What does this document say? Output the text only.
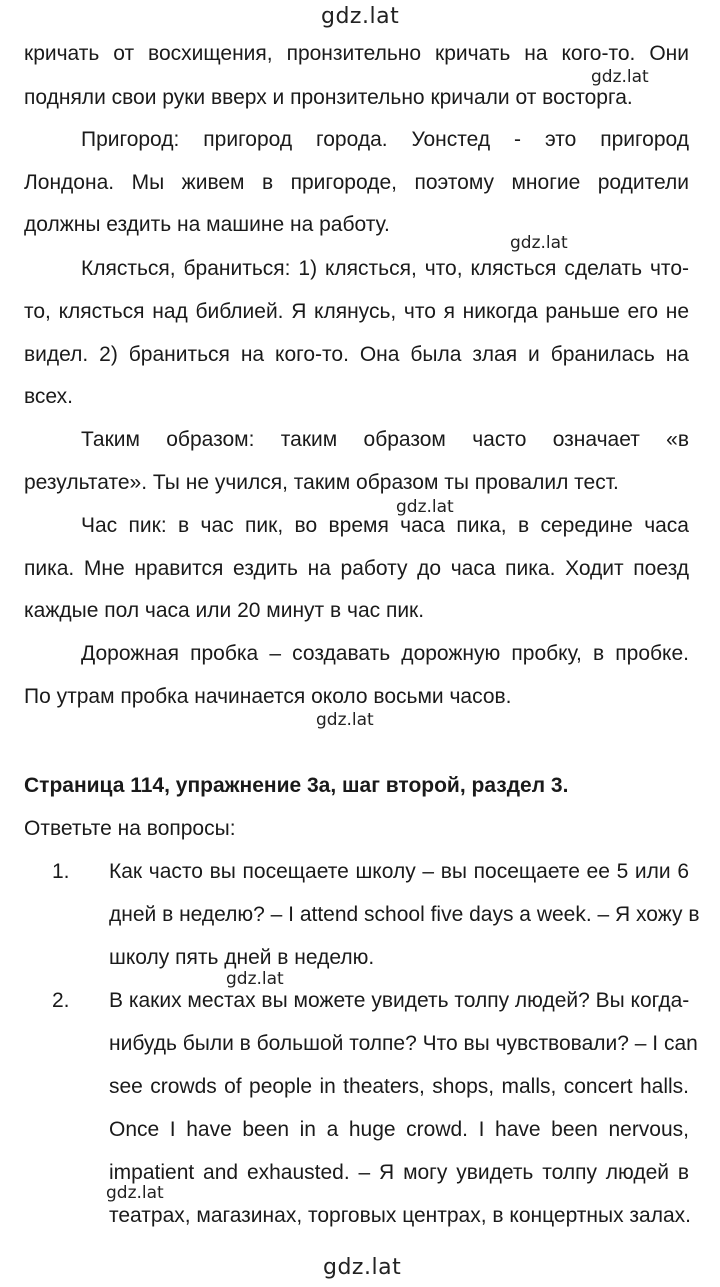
gdz.lat
gdz.lat
gdz.lat
gdz.lat
gdz.lat
gdz.lat
gdz.lat
gdz.lat
кричать от восхищения, пронзительно кричать на кого-то. Они
подняли свои руки вверх и пронзительно кричали от восторга.
Пригород: пригород города. Уонстед - это пригород
Лондона. Мы живем в пригороде, поэтому многие родители
должны ездить на машине на работу.
Клясться, браниться: 1) клясться, что, клясться сделать что-
то, клясться над библией. Я клянусь, что я никогда раньше его не
видел. 2) браниться на кого-то. Она была злая и бранилась на
всех.
Таким образом: таким образом часто означает «в
результате». Ты не учился, таким образом ты провалил тест.
Час пик: в час пик, во время часа пика, в середине часа
пика. Мне нравится ездить на работу до часа пика. Ходит поезд
каждые пол часа или 20 минут в час пик.
Дорожная пробка – создавать дорожную пробку, в пробке.
По утрам пробка начинается около восьми часов.
Страница 114, упражнение 3а, шаг второй, раздел 3.
Ответьте на вопросы:
1. Как часто вы посещаете школу – вы посещаете ее 5 или 6
дней в неделю? – I attend school five days a week. – Я хожу в
школу пять дней в неделю.
2. В каких местах вы можете увидеть толпу людей? Вы когда-
нибудь были в большой толпе? Что вы чувствовали? – I can
see crowds of people in theaters, shops, malls, concert halls.
Once I have been in a huge crowd. I have been nervous,
impatient and exhausted. – Я могу увидеть толпу людей в
театрах, магазинах, торговых центрах, в концертных залах.
